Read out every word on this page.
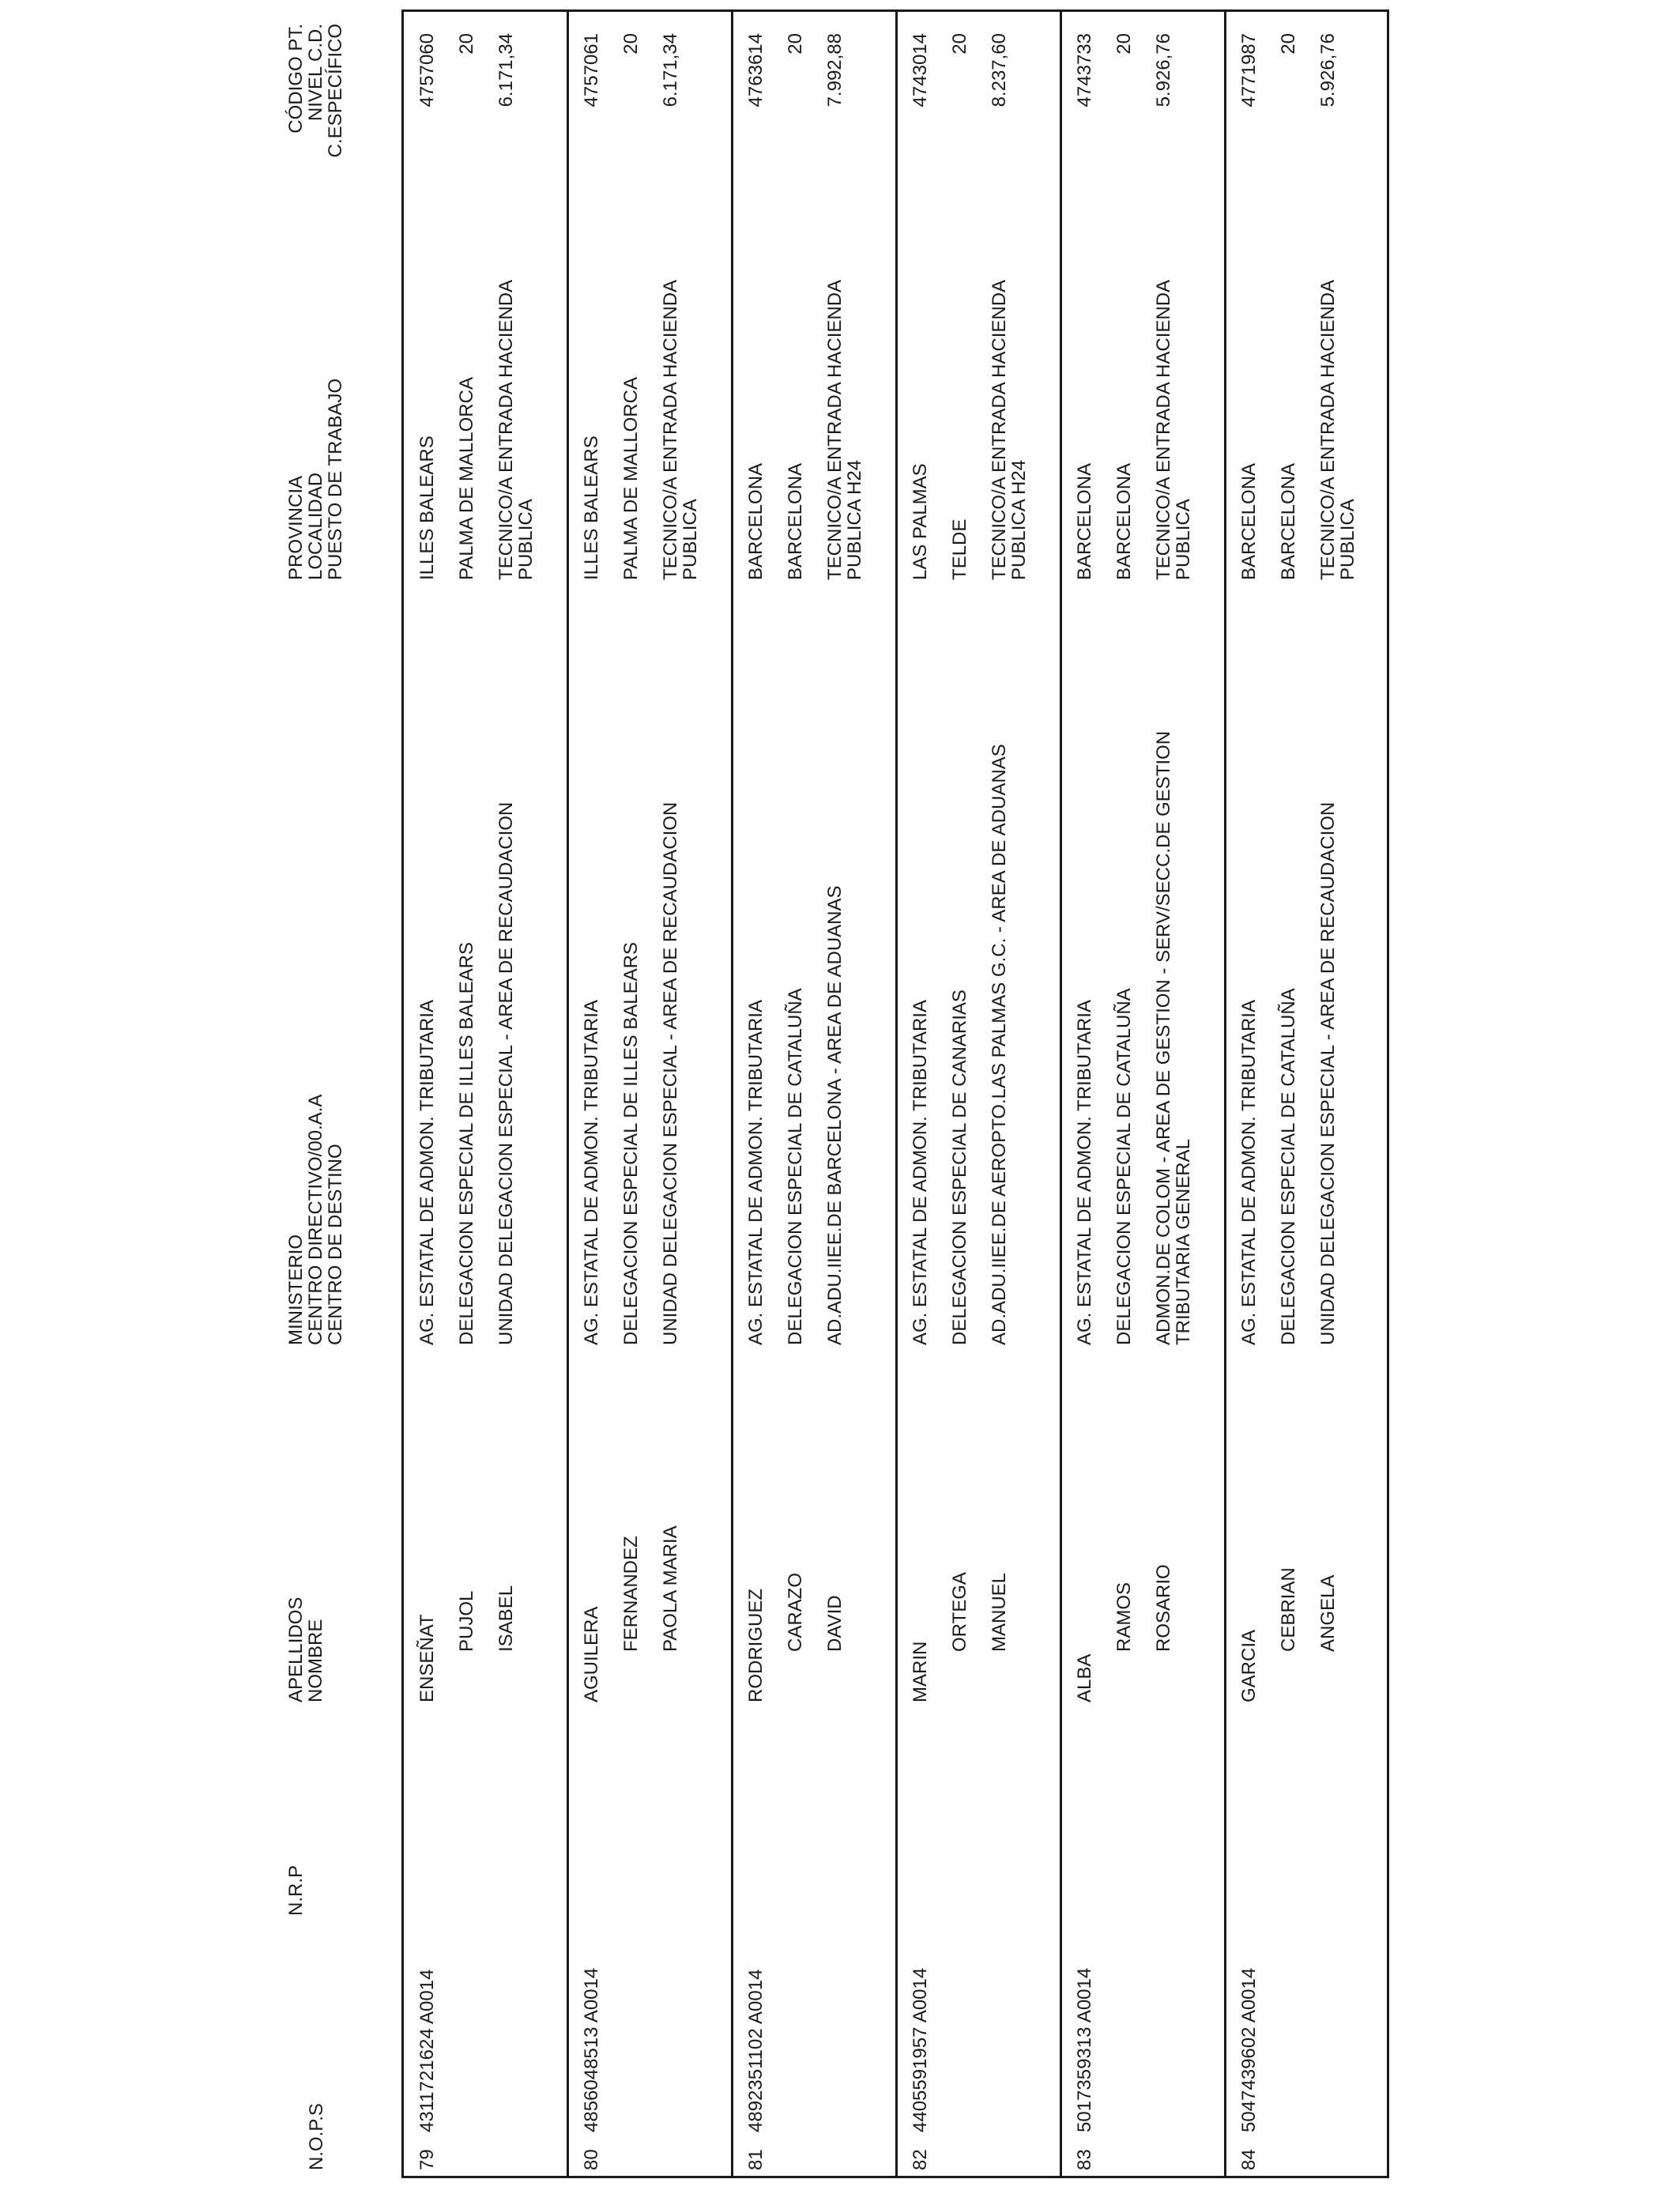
N.O.P.S
N.R.P
APELLIDOS
NOMBRE
MINISTERIO
CENTRO DIRECTIVO/00.A.A
CENTRO DE DESTINO
PROVINCIA
LOCALIDAD
PUESTO DE TRABAJO
CÓDIGO PT.
NIVEL C.D.
C.ESPECÍFICO
79
4311721624 A0014
ENSEÑAT PUJOL ISABEL
AG. ESTATAL DE ADMON. TRIBUTARIA DELEGACION ESPECIAL DE ILLES BALEARS UNIDAD DELEGACION ESPECIAL - AREA DE RECAUDACION
ILLES BALEARS PALMA DE MALLORCA TECNICO/A ENTRADA HACIENDA
PUBLICA
4757060 20 6.171,34
80
4856048513 A0014
AGUILERA
FERNANDEZ PAOLA MARIA
AG. ESTATAL DE ADMON. TRIBUTARIA DELEGACION ESPECIAL DE ILLES BALEARS UNIDAD DELEGACION ESPECIAL - AREA DE RECAUDACION
ILLES BALEARS PALMA DE MALLORCA TECNICO/A ENTRADA HACIENDA
PUBLICA
4757061 20 6.171,34
81
4892351102 A0014
RODRIGUEZ CARAZO DAVID
AG. ESTATAL DE ADMON. TRIBUTARIA DELEGACION ESPECIAL DE CATALUÑA AD.ADU.IIEE.DE BARCELONA - AREA DE ADUANAS
BARCELONA BARCELONA TECNICO/A ENTRADA HACIENDA
PUBLICA H24
4763614 20 7.992,88
82
4405591957 A0014
MARIN
ORTEGA MANUEL
AG. ESTATAL DE ADMON. TRIBUTARIA DELEGACION ESPECIAL DE CANARIAS AD.ADU.IIEE.DE AEROPTO.LAS PALMAS G.C. - AREA DE ADUANAS
LAS PALMAS TELDE TECNICO/A ENTRADA HACIENDA
PUBLICA H24
4743014 20 8.237,60
83
5017359313 A0014
ALBA
RAMOS ROSARIO
AG. ESTATAL DE ADMON. TRIBUTARIA DELEGACION ESPECIAL DE CATALUÑA ADMON.DE COLOM - AREA DE GESTION - SERV/SECC.DE GESTION
TRIBUTARIA GENERAL
BARCELONA BARCELONA TECNICO/A ENTRADA HACIENDA
PUBLICA
4743733 20 5.926,76
84
5047439602 A0014
GARCIA
CEBRIAN ANGELA
AG. ESTATAL DE ADMON. TRIBUTARIA DELEGACION ESPECIAL DE CATALUÑA UNIDAD DELEGACION ESPECIAL - AREA DE RECAUDACION
BARCELONA BARCELONA TECNICO/A ENTRADA HACIENDA
PUBLICA
4771987 20 5.926,76
